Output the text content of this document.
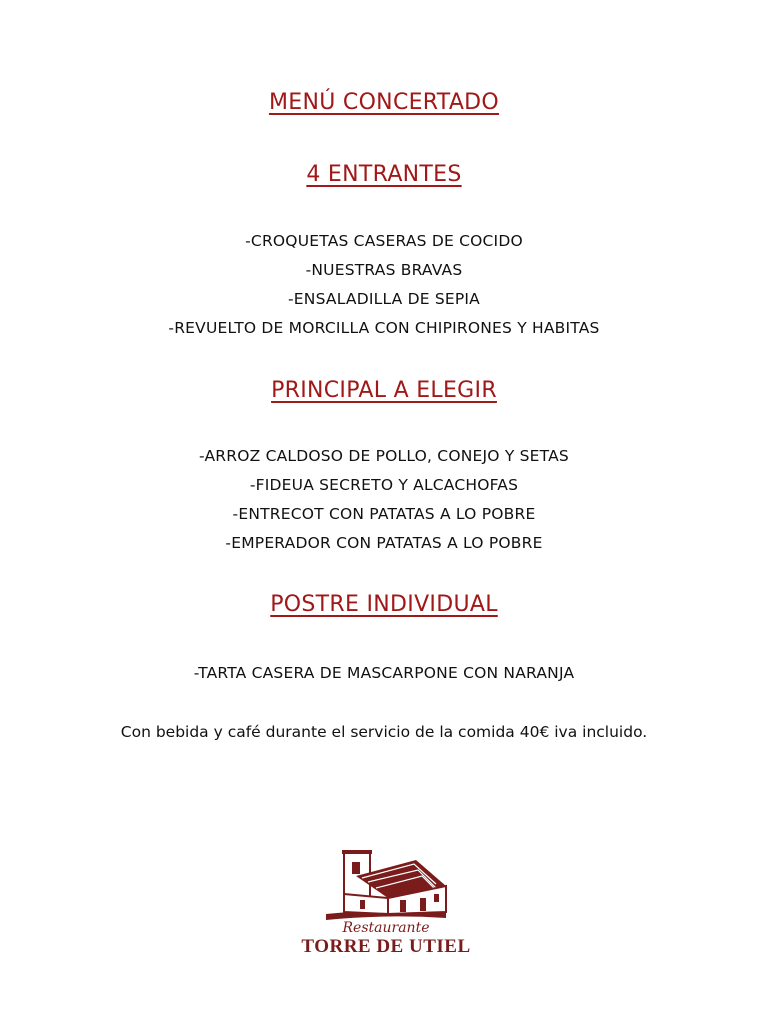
MENÚ CONCERTADO
4 ENTRANTES
-CROQUETAS CASERAS DE COCIDO
-NUESTRAS BRAVAS
-ENSALADILLA DE SEPIA
-REVUELTO DE MORCILLA CON CHIPIRONES Y HABITAS
PRINCIPAL A ELEGIR
-ARROZ CALDOSO DE POLLO, CONEJO Y SETAS
-FIDEUA SECRETO Y ALCACHOFAS
-ENTRECOT CON PATATAS A LO POBRE
-EMPERADOR CON PATATAS A LO POBRE
POSTRE INDIVIDUAL
-TARTA CASERA DE MASCARPONE CON NARANJA

Con bebida y café durante el servicio de la comida 40€ iva incluido.

Restaurante
TORRE DE UTIEL
